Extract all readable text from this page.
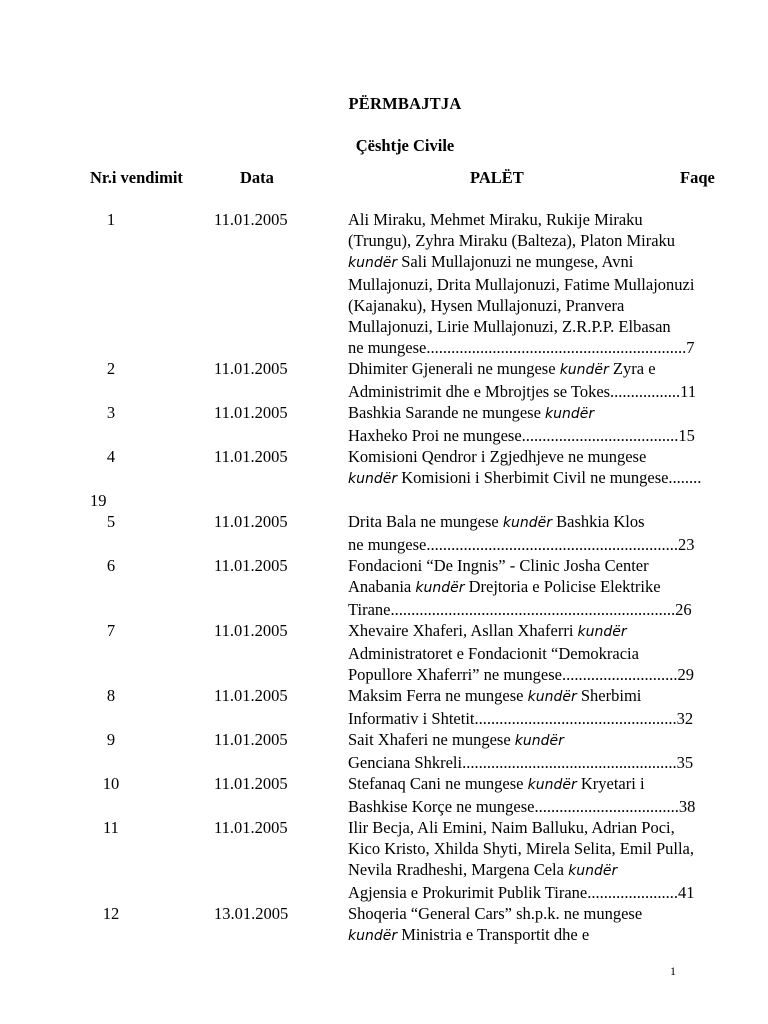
PËRMBAJTJA
Çështje Civile
Nr.i vendimit	Data	PALËT	Faqe
1	11.01.2005	Ali Miraku, Mehmet Miraku, Rukije Miraku
(Trungu), Zyhra Miraku (Balteza), Platon Miraku
kundër Sali Mullajonuzi ne mungese, Avni
Mullajonuzi, Drita Mullajonuzi, Fatime Mullajonuzi
(Kajanaku), Hysen Mullajonuzi, Pranvera
Mullajonuzi, Lirie Mullajonuzi, Z.R.P.P. Elbasan
ne mungese...............................................................7
2	11.01.2005	Dhimiter Gjenerali ne mungese kundër Zyra e
Administrimit dhe e Mbrojtjes se Tokes.................11
3	11.01.2005	Bashkia Sarande ne mungese kundër
Haxheko Proi ne mungese......................................15
4	11.01.2005	Komisioni Qendror i Zgjedhjeve ne mungese
kundër Komisioni i Sherbimit Civil ne mungese........
19
5	11.01.2005	Drita Bala ne mungese kundër Bashkia Klos
ne mungese.............................................................23
6	11.01.2005	Fondacioni “De Ingnis” - Clinic Josha Center
Anabania kundër Drejtoria e Policise Elektrike
Tirane.....................................................................26
7	11.01.2005	Xhevaire Xhaferi, Asllan Xhaferri kundër
Administratoret e Fondacionit “Demokracia
Popullore Xhaferri” ne mungese............................29
8	11.01.2005	Maksim Ferra ne mungese kundër Sherbimi
Informativ i Shtetit.................................................32
9	11.01.2005	Sait Xhaferi ne mungese kundër
Genciana Shkreli....................................................35
10	11.01.2005	Stefanaq Cani ne mungese kundër Kryetari i
Bashkise Korçe ne mungese...................................38
11	11.01.2005	Ilir Becja, Ali Emini, Naim Balluku, Adrian Poci,
Kico Kristo, Xhilda Shyti, Mirela Selita, Emil Pulla,
Nevila Rradheshi, Margena Cela kundër
Agjensia e Prokurimit Publik Tirane......................41
12	13.01.2005	Shoqeria “General Cars” sh.p.k. ne mungese
kundër Ministria e Transportit dhe e
1
